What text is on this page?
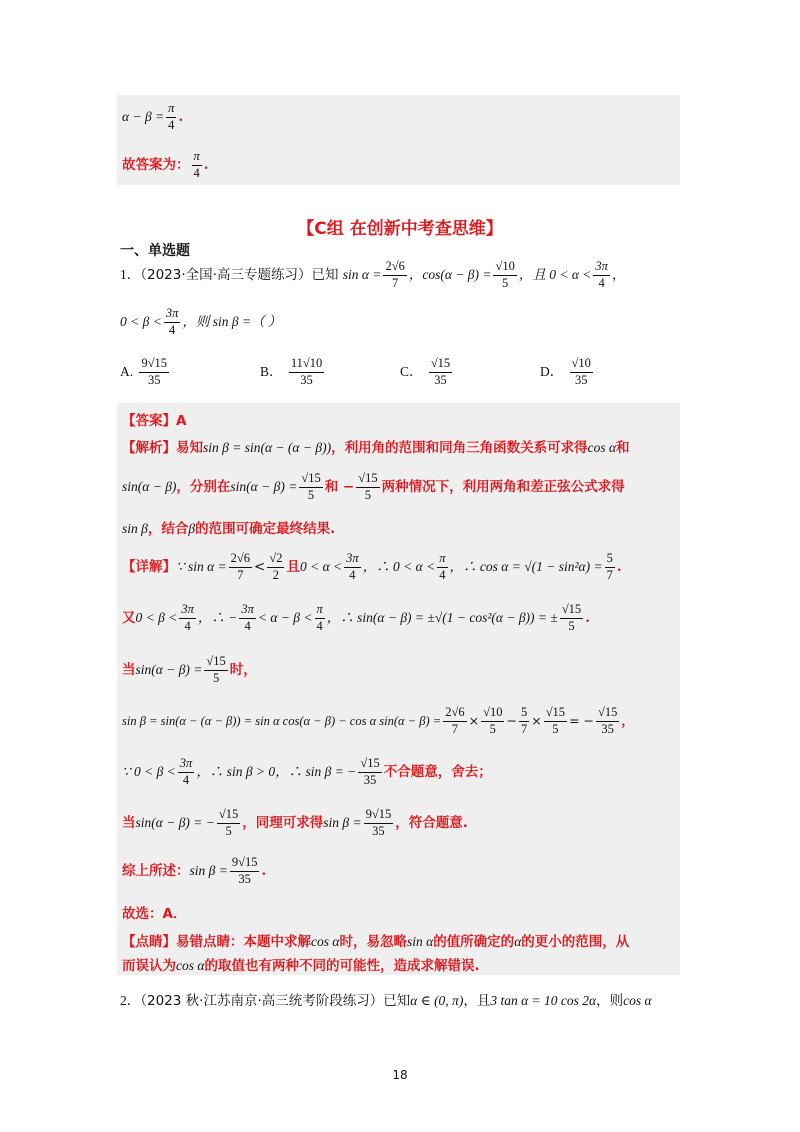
$\alpha - \beta = \frac{\pi}{4}$ .
故答案为： $\frac{\pi}{4}$ .
【C组 在创新中考查思维】
一、单选题
1．（2023·全国·高三专题练习）已知 $\sin \alpha = \frac{2√6}{7}$ ，$\cos(\alpha - \beta) = \frac{√10}{5}$ ，且 $0 < \alpha < \frac{3\pi}{4}$ ，
$0 < \beta < \frac{3\pi}{4}$ ，则 sin β =（ ）
A. $\frac{9√15}{35}$	B． $\frac{11√10}{35}$	C． $\frac{√15}{35}$	D． $\frac{√10}{35}$
【答案】A
【解析】易知sin β = sin(α − (α − β))，利用角的范围和同角三角函数关系可求得cos α和
sin(α − β)，分别在$\sin(\alpha - \beta) = \frac{√15}{5}$ 和 − $\frac{√15}{5}$ 两种情况下，利用两角和差正弦公式求得
sin β，结合β的范围可确定最终结果.
【详解】∵ $\sin \alpha = \frac{2√6}{7} < \frac{√2}{2}$ 且$0 < \alpha < \frac{3\pi}{4}$ ，∴ $0 < \alpha < \frac{\pi}{4}$ ，∴ $\cos \alpha = √(1 - \sin^2\alpha) = \frac{5}{7}$ .
又$0 < \beta < \frac{3\pi}{4}$ ，∴ − $\frac{3\pi}{4} < \alpha - \beta < \frac{\pi}{4}$ ，∴ sin(α − β) = ±√(1 − cos²(α − β)) = ± $\frac{√15}{5}$ .
当$\sin(\alpha - \beta) = \frac{√15}{5}$ 时，
sin β = sin(α − (α − β)) = sin α cos(α − β) − cos α $\sin(\alpha - \beta) = \frac{2√6}{7} \times \frac{√10}{5} - \frac{5}{7} \times \frac{√15}{5}$ = − $\frac{√15}{35}$ ，
∵ $0 < \beta < \frac{3\pi}{4}$ ，∴ sin β > 0，∴ sin β = − $\frac{√15}{35}$ 不合题意，舍去；
当sin(α − β) = − $\frac{√15}{5}$ ，同理可求得$\sin \beta = \frac{9√15}{35}$ ，符合题意.
综上所述：$\sin \beta = \frac{9√15}{35}$ .
故选：A．
【点睛】易错点睛：本题中求解cos α时，易忽略sin α的值所确定的α的更小的范围，从
而误认为cos α的取值也有两种不同的可能性，造成求解错误.
2．（2023 秋·江苏南京·高三统考阶段练习）已知α ∈ (0, π)，且3 tan α = 10 cos 2α，则cos α
18
